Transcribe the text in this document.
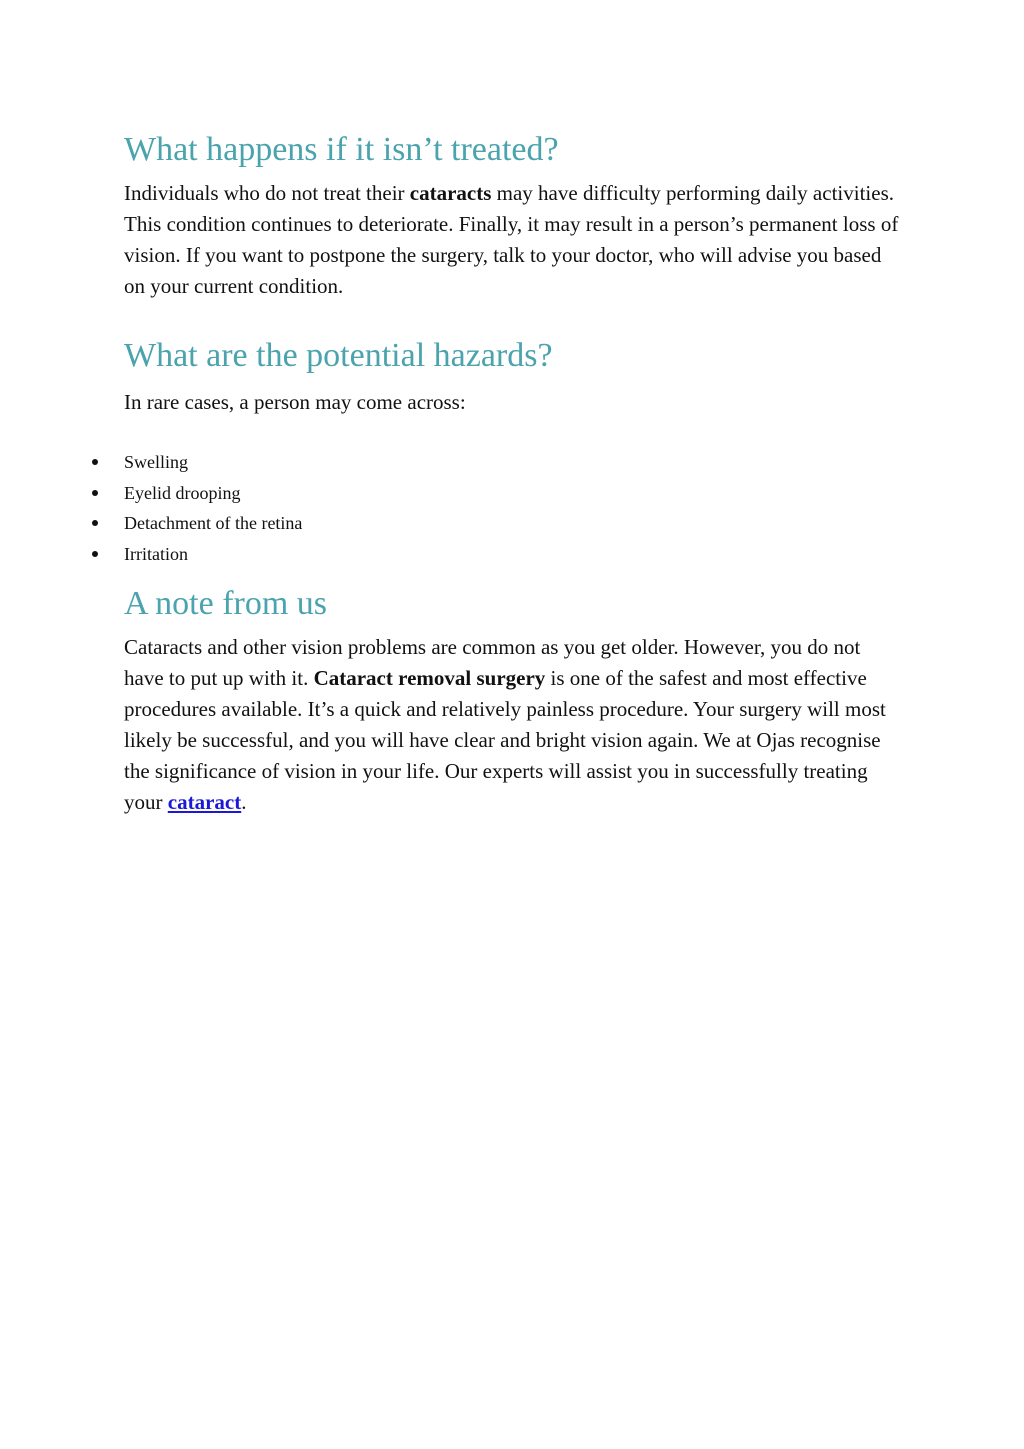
What happens if it isn’t treated?

Individuals who do not treat their cataracts may have difficulty performing daily activities. This condition continues to deteriorate. Finally, it may result in a person’s permanent loss of vision. If you want to postpone the surgery, talk to your doctor, who will advise you based on your current condition.

What are the potential hazards?

In rare cases, a person may come across:

Swelling
Eyelid drooping
Detachment of the retina
Irritation
A note from us

Cataracts and other vision problems are common as you get older. However, you do not have to put up with it. Cataract removal surgery is one of the safest and most effective procedures available. It’s a quick and relatively painless procedure. Your surgery will most likely be successful, and you will have clear and bright vision again. We at Ojas recognise the significance of vision in your life. Our experts will assist you in successfully treating your cataract.
